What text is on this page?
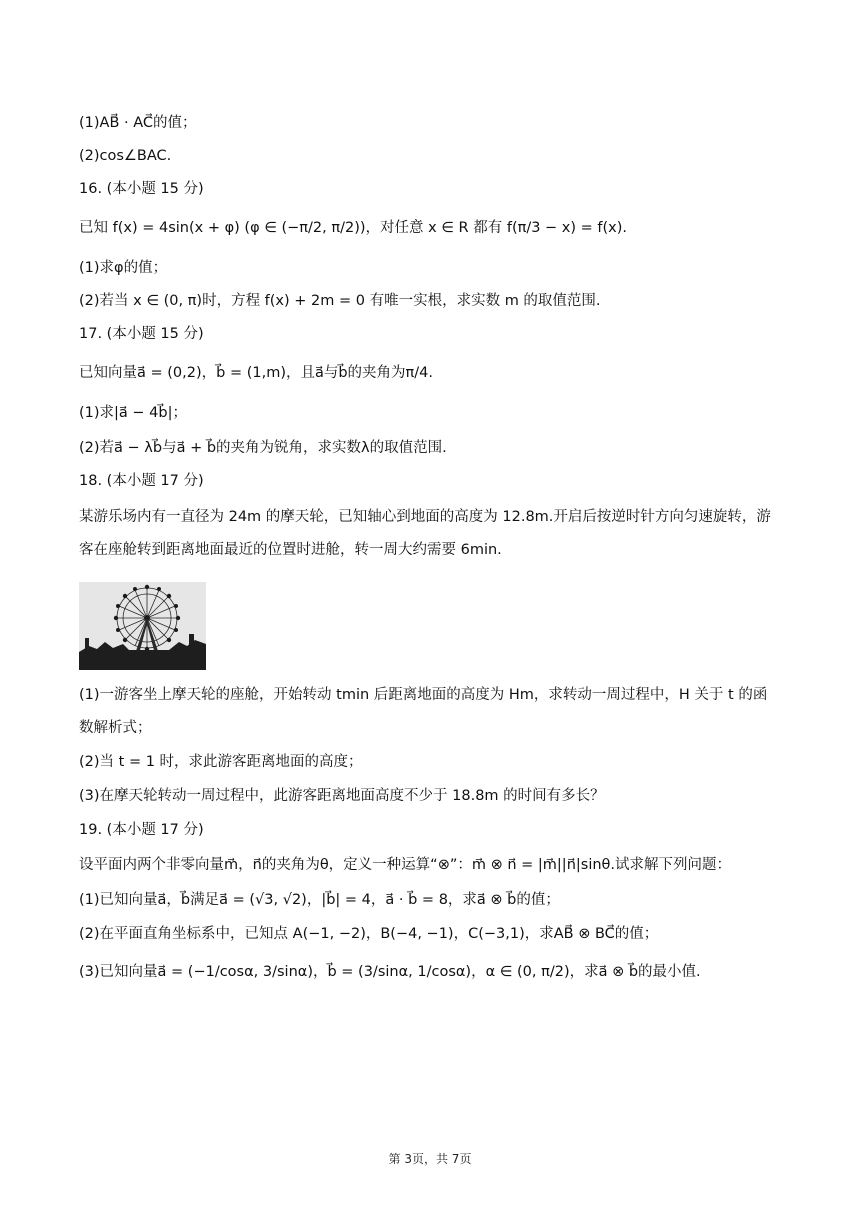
(1)AB⃗ · AC⃗的值；
(2)cos∠BAC.
16. (本小题 15 分)
已知 f(x) = 4sin(x + φ) (φ ∈ (−π/2, π/2))，对任意 x ∈ R 都有 f(π/3 − x) = f(x).
(1)求φ的值；
(2)若当 x ∈ (0, π)时，方程 f(x) + 2m = 0 有唯一实根，求实数 m 的取值范围.
17. (本小题 15 分)
已知向量a⃗ = (0,2)，b⃗ = (1,m)，且a⃗与b⃗的夹角为π/4.
(1)求|a⃗ − 4b⃗|；
(2)若a⃗ − λb⃗与a⃗ + b⃗的夹角为锐角，求实数λ的取值范围.
18. (本小题 17 分)
某游乐场内有一直径为 24m 的摩天轮，已知轴心到地面的高度为 12.8m.开启后按逆时针方向匀速旋转，游
客在座舱转到距离地面最近的位置时进舱，转一周大约需要 6min.
(1)一游客坐上摩天轮的座舱，开始转动 tmin 后距离地面的高度为 Hm，求转动一周过程中，H 关于 t 的函
数解析式；
(2)当 t = 1 时，求此游客距离地面的高度；
(3)在摩天轮转动一周过程中，此游客距离地面高度不少于 18.8m 的时间有多长？
19. (本小题 17 分)
设平面内两个非零向量m⃗，n⃗的夹角为θ，定义一种运算“⊗”：m⃗ ⊗ n⃗ = |m⃗||n⃗|sinθ.试求解下列问题：
(1)已知向量a⃗，b⃗满足a⃗ = (√3, √2)，|b⃗| = 4，a⃗ · b⃗ = 8，求a⃗ ⊗ b⃗的值；
(2)在平面直角坐标系中，已知点 A(−1, −2)，B(−4, −1)，C(−3,1)，求AB⃗ ⊗ BC⃗的值；
(3)已知向量a⃗ = (−1/cosα, 3/sinα)，b⃗ = (3/sinα, 1/cosα)，α ∈ (0, π/2)，求a⃗ ⊗ b⃗的最小值.
第 3页，共 7页
